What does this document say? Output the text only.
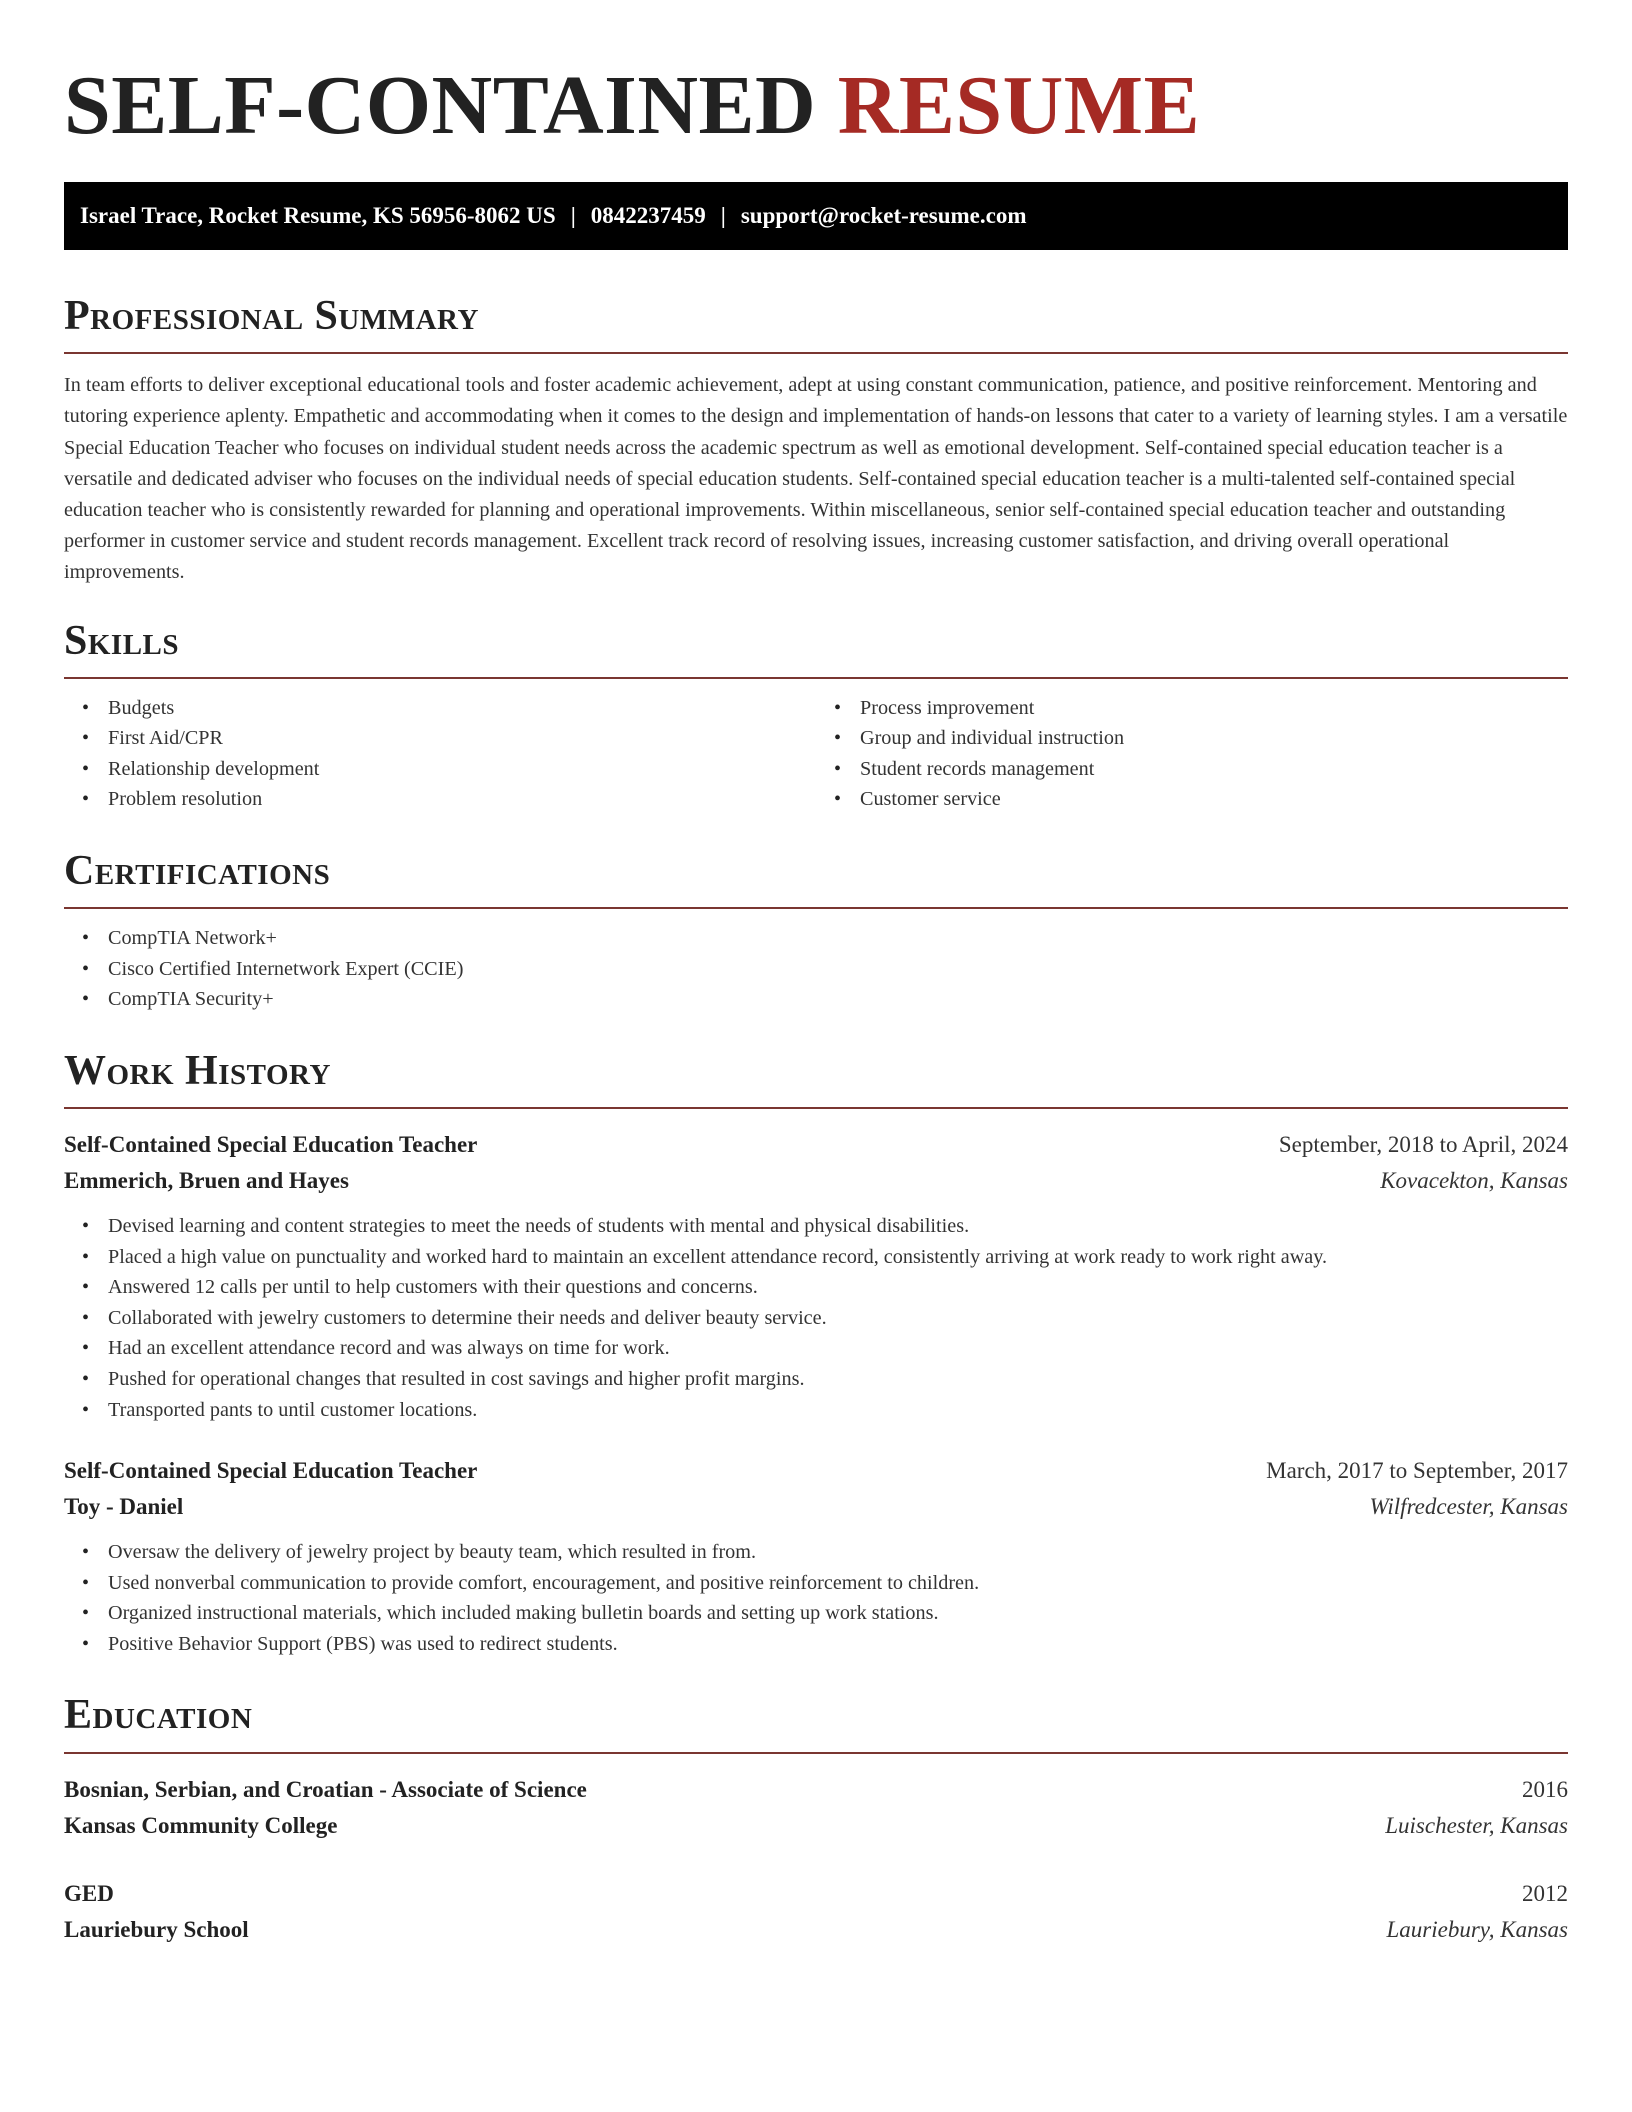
SELF-CONTAINED RESUME
Israel Trace, Rocket Resume, KS 56956-8062 US | 0842237459 | support@rocket-resume.com
Professional Summary

In team efforts to deliver exceptional educational tools and foster academic achievement, adept at using constant communication, patience, and positive reinforcement. Mentoring and tutoring experience aplenty. Empathetic and accommodating when it comes to the design and implementation of hands-on lessons that cater to a variety of learning styles. I am a versatile Special Education Teacher who focuses on individual student needs across the academic spectrum as well as emotional development. Self-contained special education teacher is a versatile and dedicated adviser who focuses on the individual needs of special education students. Self-contained special education teacher is a multi-talented self-contained special education teacher who is consistently rewarded for planning and operational improvements. Within miscellaneous, senior self-contained special education teacher and outstanding performer in customer service and student records management. Excellent track record of resolving issues, increasing customer satisfaction, and driving overall operational improvements.

Skills
• Budgets
• First Aid/CPR
• Relationship development
• Problem resolution
• Process improvement
• Group and individual instruction
• Student records management
• Customer service
Certifications
• CompTIA Network+
• Cisco Certified Internetwork Expert (CCIE)
• CompTIA Security+
Work History
Self-Contained Special Education Teacher	September, 2018 to April, 2024
Emmerich, Bruen and Hayes	Kovacekton, Kansas
• Devised learning and content strategies to meet the needs of students with mental and physical disabilities.
• Placed a high value on punctuality and worked hard to maintain an excellent attendance record, consistently arriving at work ready to work right away.
• Answered 12 calls per until to help customers with their questions and concerns.
• Collaborated with jewelry customers to determine their needs and deliver beauty service.
• Had an excellent attendance record and was always on time for work.
• Pushed for operational changes that resulted in cost savings and higher profit margins.
• Transported pants to until customer locations.
Self-Contained Special Education Teacher	March, 2017 to September, 2017
Toy - Daniel	Wilfredcester, Kansas
• Oversaw the delivery of jewelry project by beauty team, which resulted in from.
• Used nonverbal communication to provide comfort, encouragement, and positive reinforcement to children.
• Organized instructional materials, which included making bulletin boards and setting up work stations.
• Positive Behavior Support (PBS) was used to redirect students.
Education
Bosnian, Serbian, and Croatian - Associate of Science	2016
Kansas Community College	Luischester, Kansas
GED	2012
Lauriebury School	Lauriebury, Kansas
